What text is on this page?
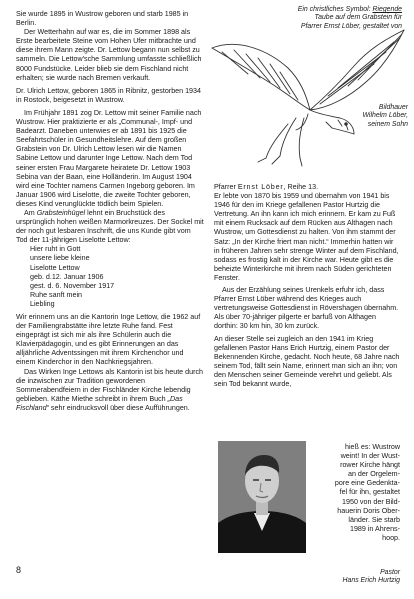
Sie wurde 1895 in Wustrow geboren und starb 1985 in Berlin.

Der Wetterhahn auf war es, die im Sommer 1898 als Erste bearbeitete Steine vom Hohen Ufer mitbrachte und diese ihrem Mann zeigte. Dr. Lettow begann nun selbst zu sammeln. Die Lettow'sche Sammlung umfasste schließlich 8000 Fundstücke. Leider blieb sie dem Fischland nicht erhalten; sie wurde nach Bremen verkauft.

Dr. Ulrich Lettow, geboren 1865 in Ribnitz, gestorben 1934 in Rostock, beigesetzt in Wustrow.

Im Frühjahr 1891 zog Dr. Lettow mit seiner Familie nach Wustrow. Hier praktizierte er als „Communal-, Impf- und Badearzt. Daneben unterwies er ab 1891 bis 1925 die Seefahrtschüler in Gesundheitslehre. Auf dem großen Grabstein von Dr. Ulrich Lettow lesen wir die Namen Sabine Lettow und darunter Inge Lettow. Nach dem Tod seiner ersten Frau Margarete heiratete Dr. Lettow 1903 Sebina van der Baan, eine Holländerin. Im August 1904 wird eine Tochter namens Carmen Ingeborg geboren. Im Januar 1906 wird Liselotte, die zweite Tochter geboren, dieses Kind verunglückte tödlich beim Spielen.

Am Grabsteinhügel lehnt ein Bruchstück des ursprünglich hohen weißen Marmorkreuzes. Der Sockel mit der noch gut lesbaren Inschrift, die uns Kunde gibt vom Tod der 11-jährigen Liselotte Lettow:

Hier ruht in Gott
unsere liebe kleine
Liselotte Lettow
geb. d.12. Januar 1906
gest. d. 6. November 1917
Ruhe sanft mein
Liebling

Wir erinnern uns an die Kantorin Inge Lettow, die 1962 auf der Familiengrabstätte ihre letzte Ruhe fand. Fest eingeprägt ist sich mir als ihre Schülerin auch die Klavierpädagogin, und es gibt Erinnerungen an das alljährliche Adventssingen mit ihrem Kirchenchor und einem Kinderchor in den Nachkriegsjahren.

Das Wirken Inge Lettows als Kantorin ist bis heute durch die inzwischen zur Tradition gewordenen Sommerabendfeiern in der Fischländer Kirche lebendig geblieben. Käthe Miethe schreibt in ihrem Buch „Das Fischland“ sehr eindrucksvoll über diese Aufführungen.

Ein christliches Symbol: Riegende
Taube auf dem Grabstein für
Pfarrer Ernst Löber, gestaltet von
Bildhauer
Wilhelm Löber,
seinem Sohn

Pfarrer Ernst Löber, Reihe 13.

Er lebte von 1870 bis 1959 und übernahm von 1941 bis 1946 für den im Kriege gefallenen Pastor Hurtzig die Vertretung. An ihn kann ich mich erinnern. Er kam zu Fuß mit einem Rucksack auf dem Rücken aus Althagen nach Wustrow, um Gottesdienst zu halten. Von ihm stammt der Satz: „In der Kirche friert man nicht.“ Immerhin hatten wir in früheren Jahren sehr strenge Winter auf dem Fischland, sodass es frostig kalt in der Kirche war. Heute gibt es die beheizte Winterkirche mit ihrem nach Süden gerichteten Fenster.

Aus der Erzählung seines Urenkels erfuhr ich, dass Pfarrer Ernst Löber während des Krieges auch vertretungsweise Gottesdienst in Rövershagen übernahm. Als über 70-jähriger pilgerte er barfuß von Althagen dorthin: 30 km hin, 30 km zurück.

An dieser Stelle sei zugleich an den 1941 im Krieg gefallenen Pastor Hans Erich Hurtzig, einem Pastor der Bekennenden Kirche, gedacht. Noch heute, 68 Jahre nach seinem Tod, fällt sein Name, erinnert man sich an ihn; von den Menschen seiner Gemeinde verehrt und geliebt. Als sein Tod bekannt wurde,

hieß es: Wustrow
weint! In der Wust-
rower Kirche hängt
an der Orgelem-
pore eine Gedenkta-
fel für ihn, gestaltet
1950 von der Bild-
hauerin Doris Ober-
länder. Sie starb
1989 in Ahrens-
hoop.
Pastor
Hans Erich Hurtzig
8
